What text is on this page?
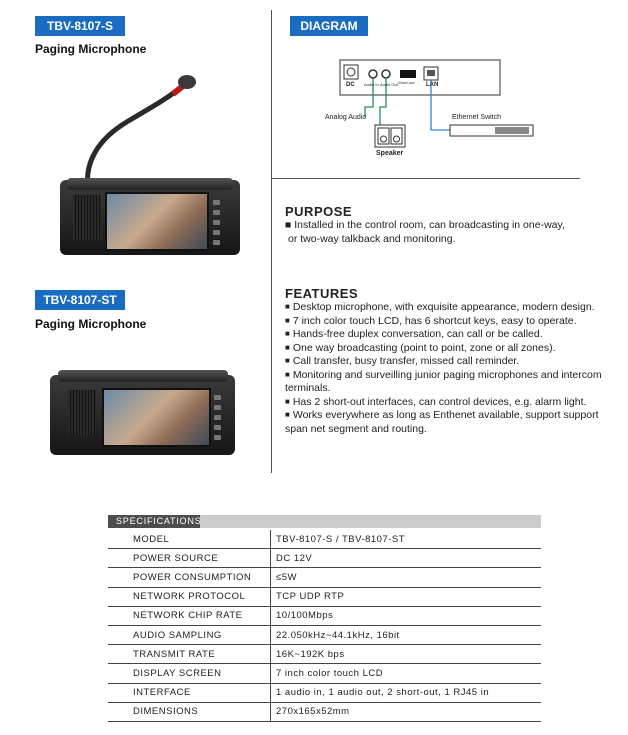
TBV-8107-S
Paging Microphone
TBV-8107-ST
Paging Microphone
DIAGRAM
DC Audio In Audio Out Short-out LAN
Analog Audio
Speaker
Ethernet Switch
PURPOSE

■ Installed in the control room, can broadcasting in one-way,

or two-way talkback and monitoring.

FEATURES

■ Desktop microphone, with exquisite appearance, modern design.

■ 7 inch color touch LCD, has 6 shortcut keys, easy to operate.

■ Hands-free duplex conversation, can call or be called.

■ One way broadcasting (point to point, zone or all zones).

■ Call transfer, busy transfer, missed call reminder.

■ Monitoring and surveilling junior paging microphones and intercom terminals.

■ Has 2 short-out interfaces, can control devices, e.g. alarm light.

■ Works everywhere as long as Enthenet available, support support span net segment and routing.

SPECIFICATIONS
MODEL	TBV-8107-S / TBV-8107-ST
POWER SOURCE	DC 12V
POWER CONSUMPTION	≤5W
NETWORK PROTOCOL	TCP UDP RTP
NETWORK CHIP RATE	10/100Mbps
AUDIO SAMPLING	22.050kHz~44.1kHz, 16bit
TRANSMIT RATE	16K~192K bps
DISPLAY SCREEN	7 inch color touch LCD
INTERFACE	1 audio in, 1 audio out, 2 short-out, 1 RJ45 in
DIMENSIONS	270x165x52mm
